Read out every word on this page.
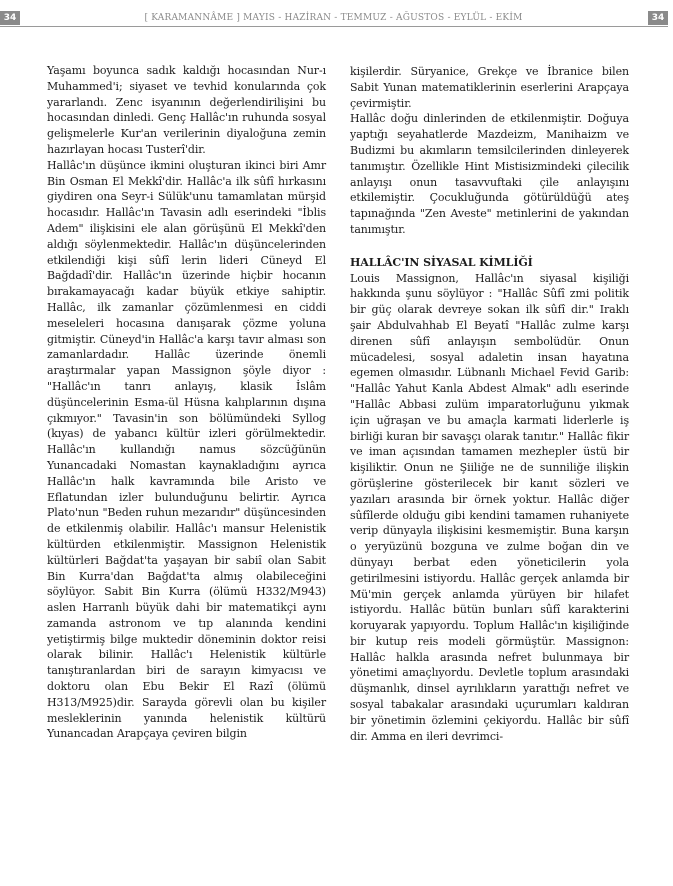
34	[ KARAMANNÂME ] MAYIS - HAZİRAN - TEMMUZ - AĞUSTOS - EYLÜL - EKİM	34

Yaşamı boyunca sadık kaldığı hocasından Nur-ı Muhammed'i; siyaset ve tevhid konularında çok yararlandı. Zenc isyanının değerlendirilişini bu hocasından dinledi. Genç Hallâc'ın ruhunda sosyal gelişmelerle Kur'an verilerinin diyaloğuna zemin hazırlayan hocası Tusterî'dir.

Hallâc'ın düşünce ikmini oluşturan ikinci biri Amr Bin Osman El Mekkî'dir. Hallâc'a ilk sûfî hırkasını giydiren ona Seyr-i Sülük'unu tamamlatan mürşid hocasıdır. Hallâc'ın Tavasin adlı eserindeki "İblis Adem" ilişkisini ele alan görüşünü El Mekkî'den aldığı söylenmektedir. Hallâc'ın düşüncelerinden etkilendiği kişi sûfî lerin lideri Cüneyd El Bağdadî'dir. Hallâc'ın üzerinde hiçbir hocanın bırakamayacağı kadar büyük etkiye sahiptir. Hallâc, ilk zamanlar çözümlenmesi en ciddi meseleleri hocasına danışarak çözme yoluna gitmiştir. Cüneyd'in Hallâc'a karşı tavır alması son zamanlardadır. Hallâc üzerinde önemli araştırmalar yapan Massignon şöyle diyor : "Hallâc'ın tanrı anlayış, klasik İslâm düşüncelerinin Esma-ül Hüsna kalıplarının dışına çıkmıyor." Tavasin'in son bölümündeki Syllog (kıyas) de yabancı kültür izleri görülmektedir. Hallâc'ın kullandığı namus sözcüğünün Yunancadaki Nomastan kaynakladığını ayrıca Hallâc'ın halk kavramında bile Aristo ve Eflatundan izler bulunduğunu belirtir. Ayrıca Plato'nun "Beden ruhun mezarıdır" düşüncesinden de etkilenmiş olabilir. Hallâc'ı mansur Helenistik kültürden etkilenmiştir. Massignon Helenistik kültürleri Bağdat'ta yaşayan bir sabiî olan Sabit Bin Kurra'dan Bağdat'ta almış olabileceğini söylüyor. Sabit Bin Kurra (ölümü H332/M943) aslen Harranlı büyük dahi bir matematikçi aynı zamanda astronom ve tıp alanında kendini yetiştirmiş bilge muktedir döneminin doktor reisi olarak bilinir. Hallâc'ı Helenistik kültürle tanıştıranlardan biri de sarayın kimyacısı ve doktoru olan Ebu Bekir El Razî (ölümü H313/M925)dir. Sarayda görevli olan bu kişiler mesleklerinin yanında helenistik kültürü Yunancadan Arapçaya çeviren bilgin

kişilerdir. Süryanice, Grekçe ve İbranice bilen Sabit Yunan matematiklerinin eserlerini Arapçaya çevirmiştir.

Hallâc doğu dinlerinden de etkilenmiştir. Doğuya yaptığı seyahatlerde Mazdeizm, Manihaizm ve Budizmi bu akımların temsilcilerinden dinleyerek tanımıştır. Özellikle Hint Mistisizmindeki çilecilik anlayışı onun tasavvuftaki çile anlayışını etkilemiştir. Çocukluğunda götürüldüğü ateş tapınağında "Zen Aveste" metinlerini de yakından tanımıştır.

HALLÂC'IN SİYASAL KİMLİĞİ

Louis Massignon, Hallâc'ın siyasal kişiliği hakkında şunu söylüyor : "Hallâc Sûfî zmi politik bir güç olarak devreye sokan ilk sûfî dir." Iraklı şair Abdulvahhab El Beyatî "Hallâc zulme karşı direnen sûfî anlayışın sembolüdür. Onun mücadelesi, sosyal adaletin insan hayatına egemen olmasıdır. Lübnanlı Michael Fevid Garib: "Hallâc Yahut Kanla Abdest Almak" adlı eserinde "Hallâc Abbasi zulüm imparatorluğunu yıkmak için uğraşan ve bu amaçla karmati liderlerle iş birliği kuran bir savaşçı olarak tanıtır." Hallâc fikir ve iman açısından tamamen mezhepler üstü bir kişiliktir. Onun ne Şiiliğe ne de sunniliğe ilişkin görüşlerine gösterilecek bir kanıt sözleri ve yazıları arasında bir örnek yoktur. Hallâc diğer sûfîlerde olduğu gibi kendini tamamen ruhaniyete verip dünyayla ilişkisini kesmemiştir. Buna karşın o yeryüzünü bozguna ve zulme boğan din ve dünyayı berbat eden yöneticilerin yola getirilmesini istiyordu. Hallâc gerçek anlamda bir Mü'min gerçek anlamda yürüyen bir hilafet istiyordu. Hallâc bütün bunları sûfî karakterini koruyarak yapıyordu. Toplum Hallâc'ın kişiliğinde bir kutup reis modeli görmüştür. Massignon: Hallâc halkla arasında nefret bulunmaya bir yönetimi amaçlıyordu. Devletle toplum arasındaki düşmanlık, dinsel ayrılıkların yarattığı nefret ve sosyal tabakalar arasındaki uçurumları kaldıran bir yönetimin özlemini çekiyordu. Hallâc bir sûfî dir. Amma en ileri devrimci-
